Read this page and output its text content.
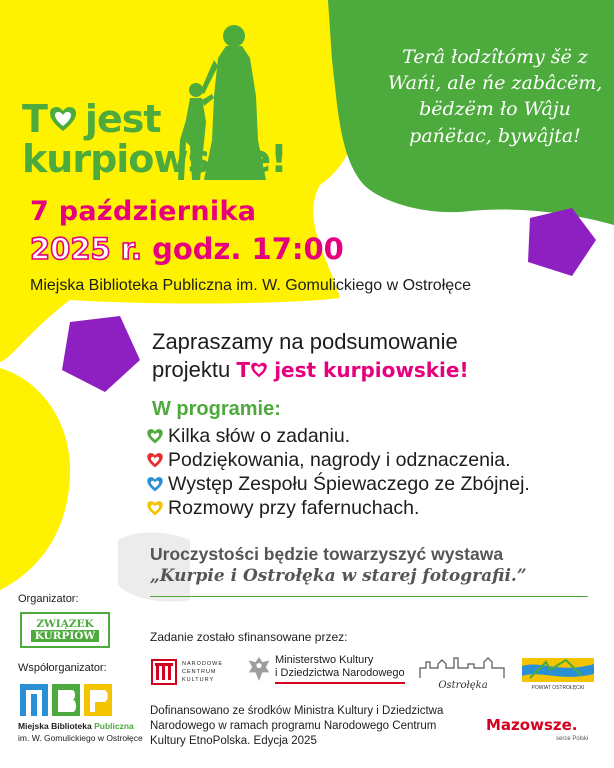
T jest
kurpiowskie!
Terâ łodzîtómy šë z Wańi, ale ńe zabâcëm, bëdzëm ło Wâju pańëtac, bywâjta!
7 października
2025 r. godz. 17:00
Miejska Biblioteka Publiczna im. W. Gomulickiego w Ostrołęce
Zapraszamy na podsumowanie
projektu T jest kurpiowskie!
W programie:
Kilka słów o zadaniu.
Podziękowania, nagrody i odznaczenia.
Występ Zespołu Śpiewaczego ze Zbójnej.
Rozmowy przy fafernuchach.
Uroczystości będzie towarzyszyć wystawa
„Kurpie i Ostrołęka w starej fotografii.”
Organizator:
ZWIĄZEK
KURPIÓW
Współorganizator:
Miejska Biblioteka Publiczna
im. W. Gomulickiego w Ostrołęce
Zadanie zostało sfinansowane przez:
NARODOWE
CENTRUM
KULTURY
Ministerstwo Kultury
i Dziedzictwa Narodowego
Ostrołęka	POWIAT OSTROŁĘCKI
Dofinansowano ze środków Ministra Kultury i Dziedzictwa Narodowego w ramach programu Narodowego Centrum Kultury EtnoPolska. Edycja 2025
Mazowsze.
serce Polski
